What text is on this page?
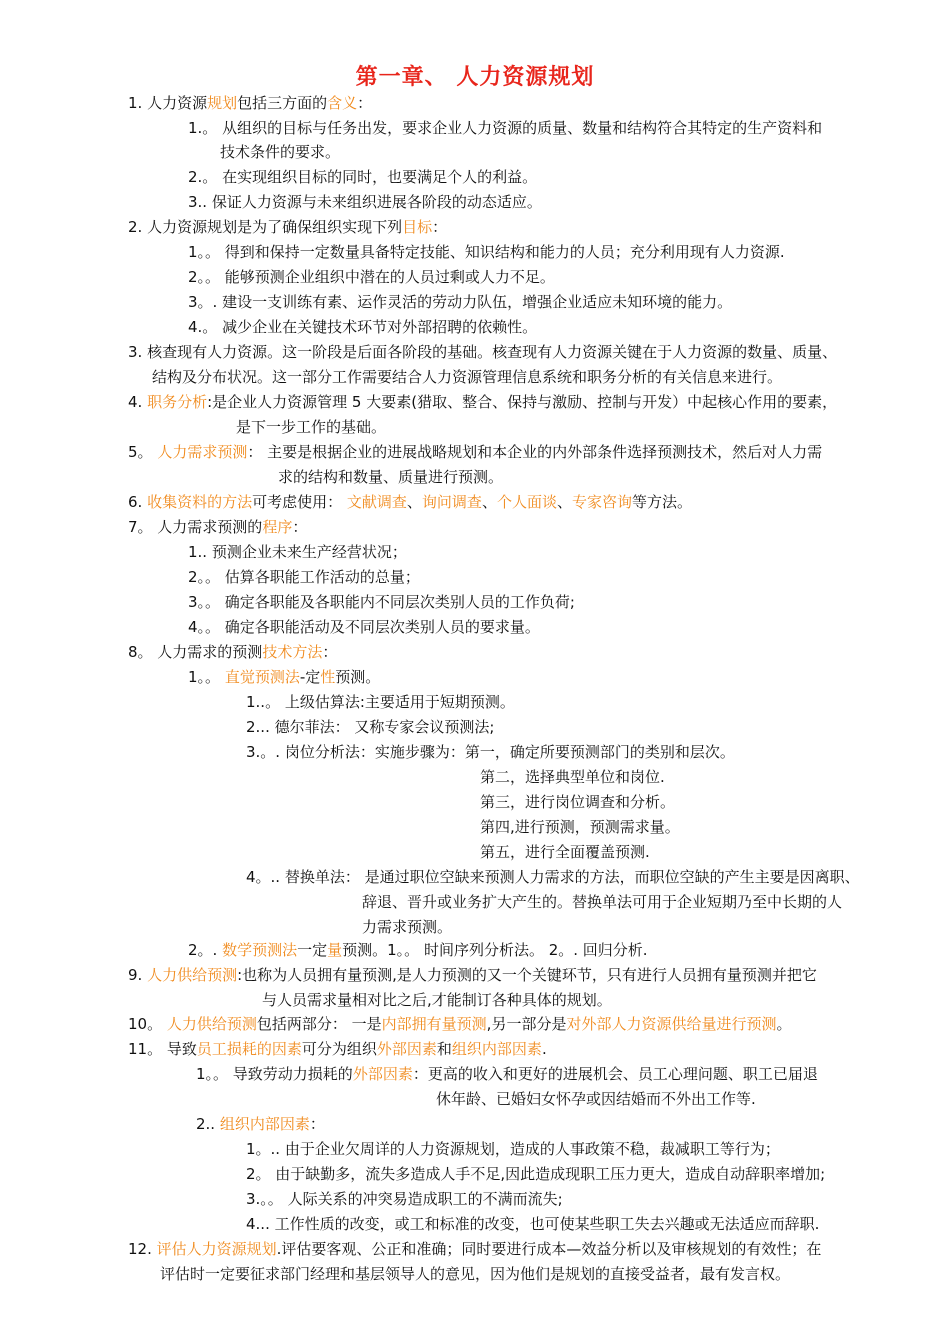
第一章、 人力资源规划
1. 人力资源规划包括三方面的含义：
1.。 从组织的目标与任务出发，要求企业人力资源的质量、数量和结构符合其特定的生产资料和
技术条件的要求。
2.。 在实现组织目标的同时，也要满足个人的利益。
3.. 保证人力资源与未来组织进展各阶段的动态适应。
2. 人力资源规划是为了确保组织实现下列目标：
1。。 得到和保持一定数量具备特定技能、知识结构和能力的人员；充分利用现有人力资源.
2。。 能够预测企业组织中潜在的人员过剩或人力不足。
3。. 建设一支训练有素、运作灵活的劳动力队伍，增强企业适应未知环境的能力。
4.。 减少企业在关键技术环节对外部招聘的依赖性。
3. 核查现有人力资源。这一阶段是后面各阶段的基础。核查现有人力资源关键在于人力资源的数量、质量、
结构及分布状况。这一部分工作需要结合人力资源管理信息系统和职务分析的有关信息来进行。
4. 职务分析:是企业人力资源管理 5 大要素(猎取、整合、保持与激励、控制与开发）中起核心作用的要素，
是下一步工作的基础。
5。 人力需求预测： 主要是根据企业的进展战略规划和本企业的内外部条件选择预测技术，然后对人力需
求的结构和数量、质量进行预测。
6. 收集资料的方法可考虑使用： 文献调查、询问调查、个人面谈、专家咨询等方法。
7。 人力需求预测的程序：
1.. 预测企业未来生产经营状况；
2。。 估算各职能工作活动的总量；
3。。 确定各职能及各职能内不同层次类别人员的工作负荷;
4。。 确定各职能活动及不同层次类别人员的要求量。
8。 人力需求的预测技术方法：
1。。 直觉预测法-定性预测。
1..。 上级估算法:主要适用于短期预测。
2... 德尔菲法： 又称专家会议预测法;
3.。. 岗位分析法：实施步骤为：第一，确定所要预测部门的类别和层次。
第二，选择典型单位和岗位.
第三，进行岗位调查和分析。
第四,进行预测，预测需求量。
第五，进行全面覆盖预测.
4。.. 替换单法： 是通过职位空缺来预测人力需求的方法，而职位空缺的产生主要是因离职、
辞退、晋升或业务扩大产生的。替换单法可用于企业短期乃至中长期的人
力需求预测。
2。. 数学预测法一定量预测。1。。 时间序列分析法。 2。. 回归分析.
9. 人力供给预测:也称为人员拥有量预测,是人力预测的又一个关键环节，只有进行人员拥有量预测并把它
与人员需求量相对比之后,才能制订各种具体的规划。
10。 人力供给预测包括两部分： 一是内部拥有量预测,另一部分是对外部人力资源供给量进行预测。
11。 导致员工损耗的因素可分为组织外部因素和组织内部因素.
1。。 导致劳动力损耗的外部因素：更高的收入和更好的进展机会、员工心理问题、职工已届退
休年龄、已婚妇女怀孕或因结婚而不外出工作等.
2.. 组织内部因素：
1。.. 由于企业欠周详的人力资源规划，造成的人事政策不稳，裁减职工等行为；
2。 由于缺勤多，流失多造成人手不足,因此造成现职工压力更大，造成自动辞职率增加;
3.。。 人际关系的冲突易造成职工的不满而流失;
4... 工作性质的改变，或工和标准的改变，也可使某些职工失去兴趣或无法适应而辞职.
12. 评估人力资源规划.评估要客观、公正和准确；同时要进行成本—效益分析以及审核规划的有效性；在
评估时一定要征求部门经理和基层领导人的意见，因为他们是规划的直接受益者，最有发言权。
